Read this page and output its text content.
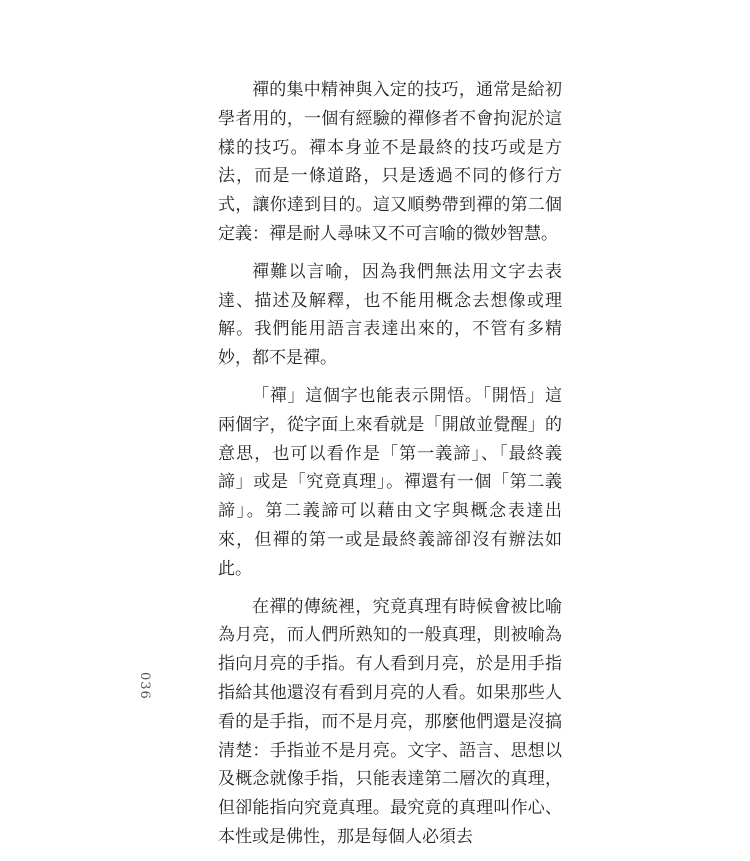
禪的集中精神與入定的技巧，通常是給初學者用的，一個有經驗的禪修者不會拘泥於這樣的技巧。禪本身並不是最終的技巧或是方法，而是一條道路，只是透過不同的修行方式，讓你達到目的。這又順勢帶到禪的第二個定義：禪是耐人尋味又不可言喻的微妙智慧。

禪難以言喻，因為我們無法用文字去表達、描述及解釋，也不能用概念去想像或理解。我們能用語言表達出來的，不管有多精妙，都不是禪。

「禪」這個字也能表示開悟。「開悟」這兩個字，從字面上來看就是「開啟並覺醒」的意思，也可以看作是「第一義諦」、「最終義諦」或是「究竟真理」。禪還有一個「第二義諦」。第二義諦可以藉由文字與概念表達出來，但禪的第一或是最終義諦卻沒有辦法如此。

在禪的傳統裡，究竟真理有時候會被比喻為月亮，而人們所熟知的一般真理，則被喻為指向月亮的手指。有人看到月亮，於是用手指指給其他還沒有看到月亮的人看。如果那些人看的是手指，而不是月亮，那麼他們還是沒搞清楚：手指並不是月亮。文字、語言、思想以及概念就像手指，只能表達第二層次的真理，但卻能指向究竟真理。最究竟的真理叫作心、本性或是佛性，那是每個人必須去

036
